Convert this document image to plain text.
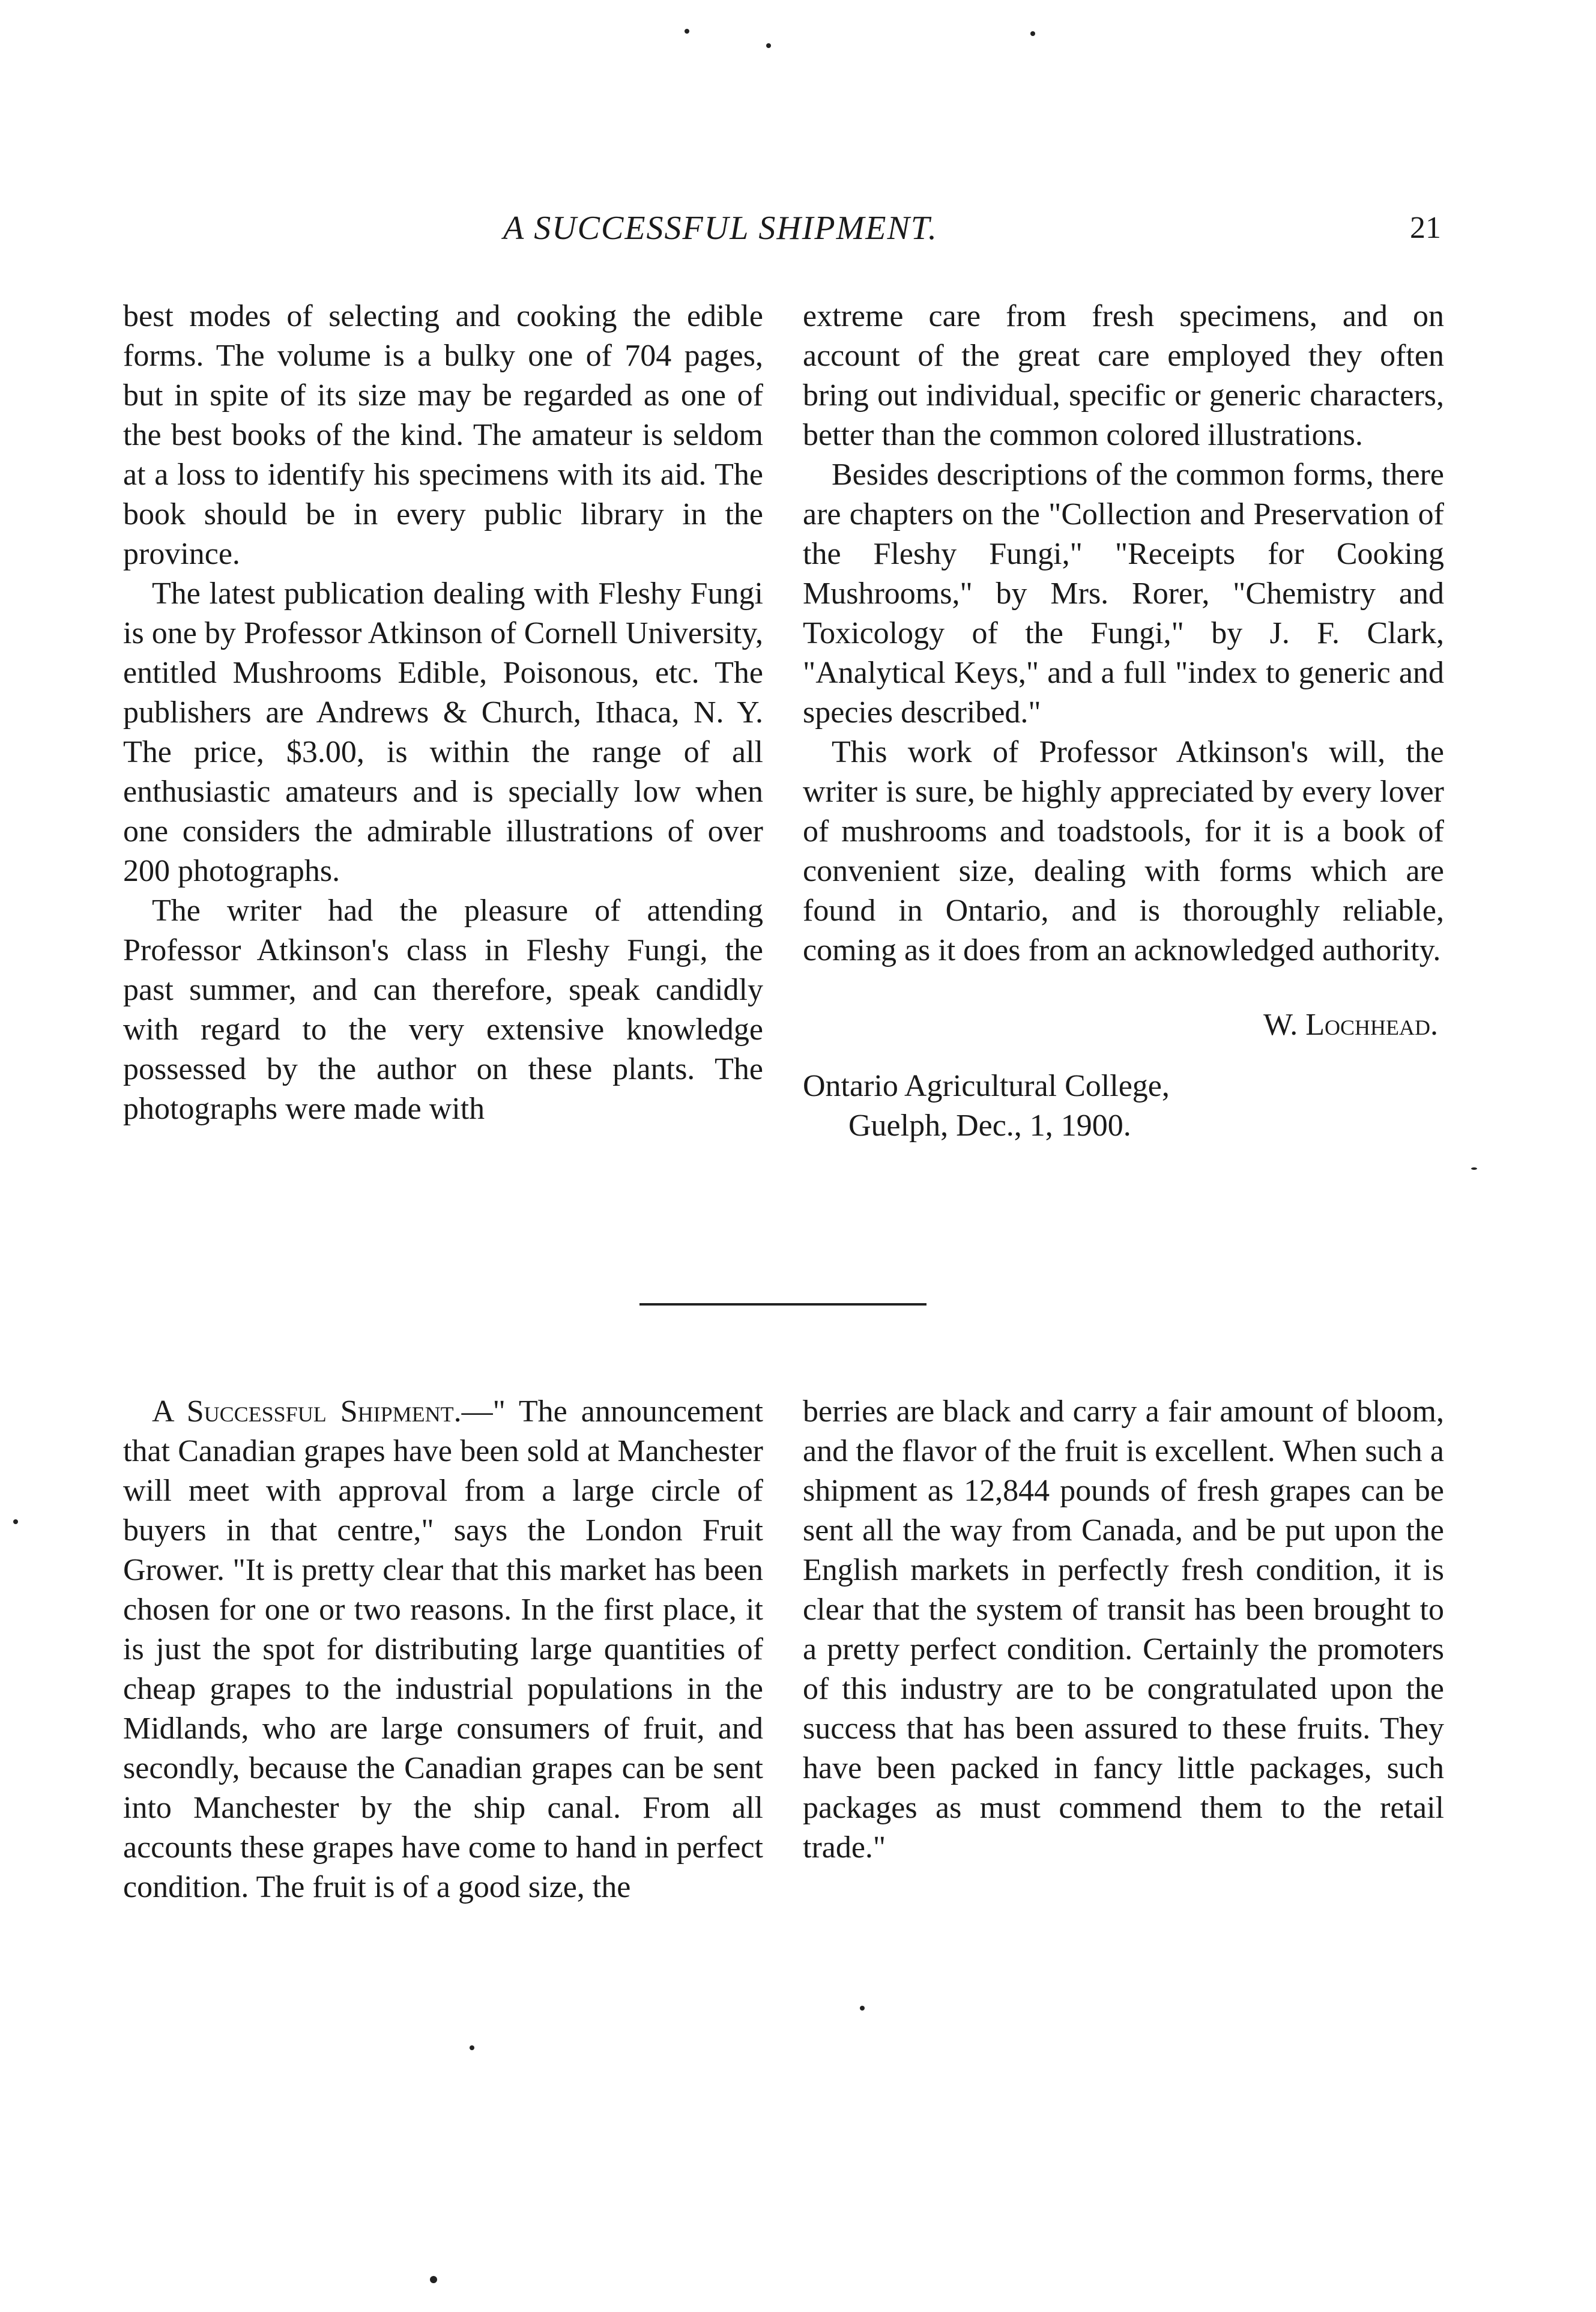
A SUCCESSFUL SHIPMENT.	21

best modes of selecting and cooking the edible forms. The volume is a bulky one of 704 pages, but in spite of its size may be regarded as one of the best books of the kind. The amateur is seldom at a loss to identify his specimens with its aid. The book should be in every public library in the province.

The latest publication dealing with Fleshy Fungi is one by Professor Atkinson of Cornell University, entitled Mushrooms Edible, Poisonous, etc. The publishers are Andrews & Church, Ithaca, N. Y. The price, $3.00, is within the range of all enthusiastic amateurs and is specially low when one considers the admirable illustrations of over 200 photographs.

The writer had the pleasure of attending Professor Atkinson's class in Fleshy Fungi, the past summer, and can therefore, speak candidly with regard to the very extensive knowledge possessed by the author on these plants. The photographs were made with

extreme care from fresh specimens, and on account of the great care employed they often bring out individual, specific or generic characters, better than the common colored illustrations.

Besides descriptions of the common forms, there are chapters on the "Collection and Preservation of the Fleshy Fungi," "Receipts for Cooking Mushrooms," by Mrs. Rorer, "Chemistry and Toxicology of the Fungi," by J. F. Clark, "Analytical Keys," and a full "index to generic and species described."

This work of Professor Atkinson's will, the writer is sure, be highly appreciated by every lover of mushrooms and toadstools, for it is a book of convenient size, dealing with forms which are found in Ontario, and is thoroughly reliable, coming as it does from an acknowledged authority.

W. Lochhead.

Ontario Agricultural College,

Guelph, Dec., 1, 1900.

A Successful Shipment.—" The announcement that Canadian grapes have been sold at Manchester will meet with approval from a large circle of buyers in that centre," says the London Fruit Grower. "It is pretty clear that this market has been chosen for one or two reasons. In the first place, it is just the spot for distributing large quantities of cheap grapes to the industrial populations in the Midlands, who are large consumers of fruit, and secondly, because the Canadian grapes can be sent into Manchester by the ship canal. From all accounts these grapes have come to hand in perfect condition. The fruit is of a good size, the

berries are black and carry a fair amount of bloom, and the flavor of the fruit is excellent. When such a shipment as 12,844 pounds of fresh grapes can be sent all the way from Canada, and be put upon the English markets in perfectly fresh condition, it is clear that the system of transit has been brought to a pretty perfect condition. Certainly the promoters of this industry are to be congratulated upon the success that has been assured to these fruits. They have been packed in fancy little packages, such packages as must commend them to the retail trade."
